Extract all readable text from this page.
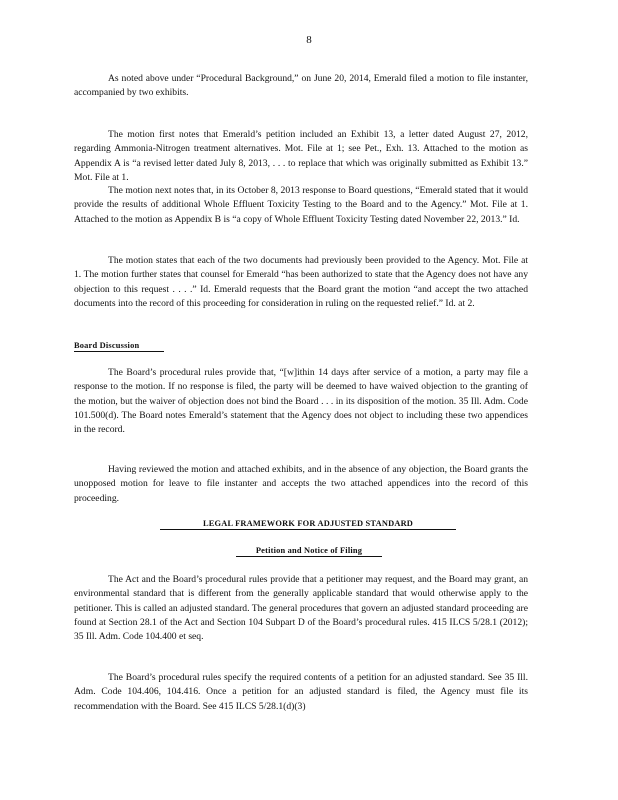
8

As noted above under “Procedural Background,” on June 20, 2014, Emerald filed a motion to file instanter, accompanied by two exhibits.

The motion first notes that Emerald’s petition included an Exhibit 13, a letter dated August 27, 2012, regarding Ammonia-Nitrogen treatment alternatives. Mot. File at 1; see Pet., Exh. 13. Attached to the motion as Appendix A is “a revised letter dated July 8, 2013, . . . to replace that which was originally submitted as Exhibit 13.” Mot. File at 1.

The motion next notes that, in its October 8, 2013 response to Board questions, “Emerald stated that it would provide the results of additional Whole Effluent Toxicity Testing to the Board and to the Agency.” Mot. File at 1. Attached to the motion as Appendix B is “a copy of Whole Effluent Toxicity Testing dated November 22, 2013.” Id.

The motion states that each of the two documents had previously been provided to the Agency. Mot. File at 1. The motion further states that counsel for Emerald “has been authorized to state that the Agency does not have any objection to this request . . . .” Id. Emerald requests that the Board grant the motion “and accept the two attached documents into the record of this proceeding for consideration in ruling on the requested relief.” Id. at 2.

Board Discussion

The Board’s procedural rules provide that, “[w]ithin 14 days after service of a motion, a party may file a response to the motion. If no response is filed, the party will be deemed to have waived objection to the granting of the motion, but the waiver of objection does not bind the Board . . . in its disposition of the motion. 35 Ill. Adm. Code 101.500(d). The Board notes Emerald’s statement that the Agency does not object to including these two appendices in the record.

Having reviewed the motion and attached exhibits, and in the absence of any objection, the Board grants the unopposed motion for leave to file instanter and accepts the two attached appendices into the record of this proceeding.

LEGAL FRAMEWORK FOR ADJUSTED STANDARD
Petition and Notice of Filing

The Act and the Board’s procedural rules provide that a petitioner may request, and the Board may grant, an environmental standard that is different from the generally applicable standard that would otherwise apply to the petitioner. This is called an adjusted standard. The general procedures that govern an adjusted standard proceeding are found at Section 28.1 of the Act and Section 104 Subpart D of the Board’s procedural rules. 415 ILCS 5/28.1 (2012); 35 Ill. Adm. Code 104.400 et seq.

The Board’s procedural rules specify the required contents of a petition for an adjusted standard. See 35 Ill. Adm. Code 104.406, 104.416. Once a petition for an adjusted standard is filed, the Agency must file its recommendation with the Board. See 415 ILCS 5/28.1(d)(3)
